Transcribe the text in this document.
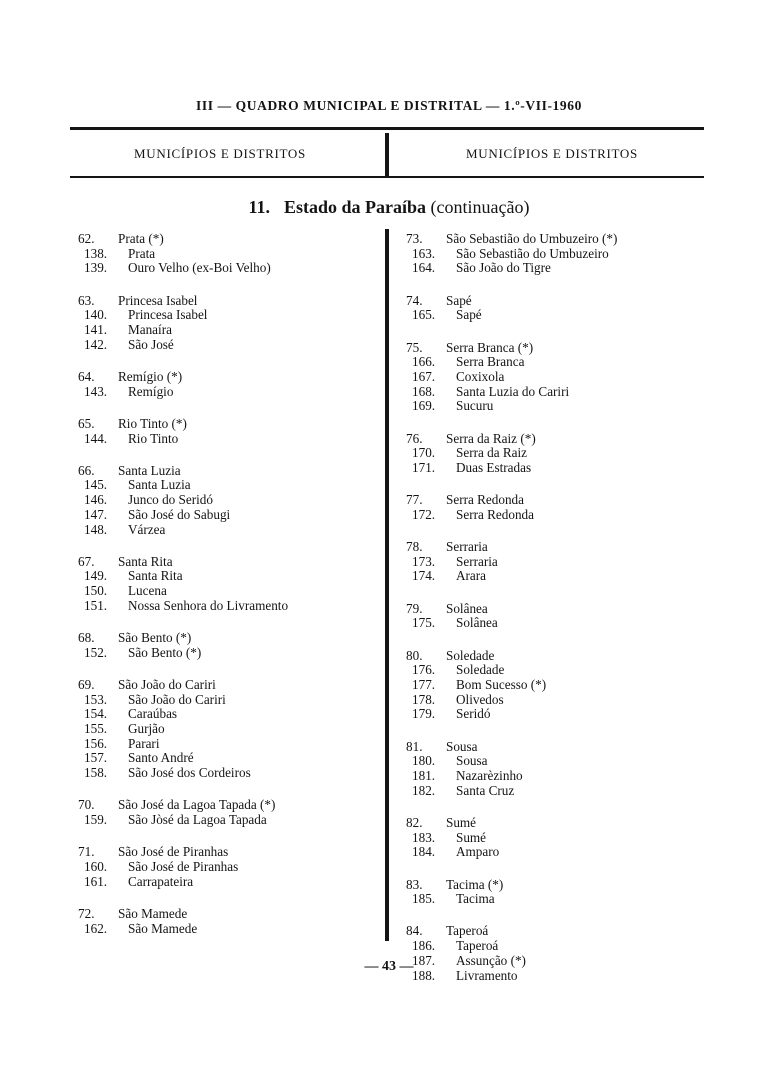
III — QUADRO MUNICIPAL E DISTRITAL — 1.º-VII-1960
MUNICÍPIOS E DISTRITOS	MUNICÍPIOS E DISTRITOS
11. Estado da Paraíba (continuação)
62. Prata (*)
138. Prata
139. Ouro Velho (ex-Boi Velho)
63. Princesa Isabel
140. Princesa Isabel
141. Manaíra
142. São José
64. Remígio (*)
143. Remígio
65. Rio Tinto (*)
144. Rio Tinto
66. Santa Luzia
145. Santa Luzia
146. Junco do Seridó
147. São José do Sabugi
148. Várzea
67. Santa Rita
149. Santa Rita
150. Lucena
151. Nossa Senhora do Livramento
68. São Bento (*)
152. São Bento (*)
69. São João do Cariri
153. São João do Cariri
154. Caraúbas
155. Gurjão
156. Parari
157. Santo André
158. São José dos Cordeiros
70. São José da Lagoa Tapada (*)
159. São Jòsé da Lagoa Tapada
71. São José de Piranhas
160. São José de Piranhas
161. Carrapateira
72. São Mamede
162. São Mamede
73. São Sebastião do Umbuzeiro (*)
163. São Sebastião do Umbuzeiro
164. São João do Tigre
74. Sapé
165. Sapé
75. Serra Branca (*)
166. Serra Branca
167. Coxixola
168. Santa Luzia do Cariri
169. Sucuru
76. Serra da Raiz (*)
170. Serra da Raiz
171. Duas Estradas
77. Serra Redonda
172. Serra Redonda
78. Serraria
173. Serraria
174. Arara
79. Solânea
175. Solânea
80. Soledade
176. Soledade
177. Bom Sucesso (*)
178. Olivedos
179. Seridó
81. Sousa
180. Sousa
181. Nazarèzinho
182. Santa Cruz
82. Sumé
183. Sumé
184. Amparo
83. Tacima (*)
185. Tacima
84. Taperoá
186. Taperoá
187. Assunção (*)
188. Livramento
— 43 —
